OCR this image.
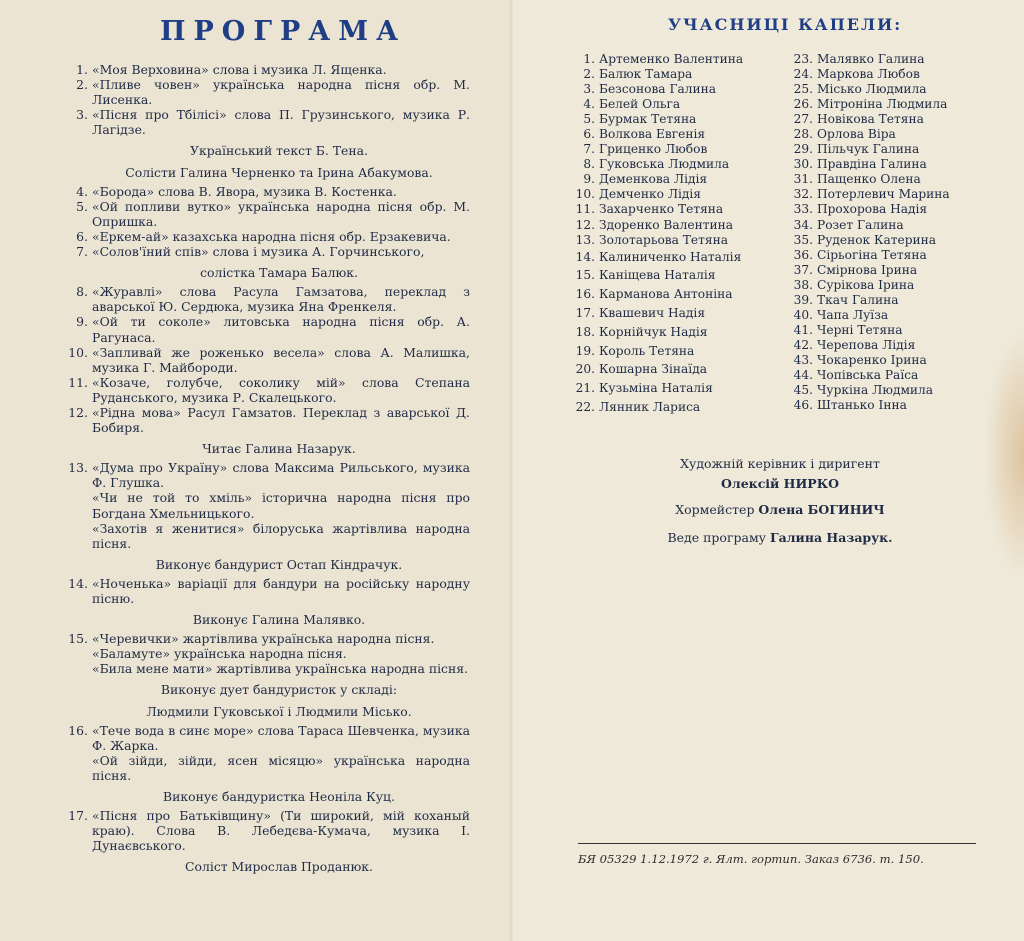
ПРОГРАМА	УЧАСНИЦІ КАПЕЛИ:
1. «Моя Верховина» слова і музика Л. Ященка.
2. «Пливе човен» українська народна пісня обр. М. Лисенка.
3. «Пісня про Тбілісі» слова П. Грузинського, музика Р. Лагідзе.
Український текст Б. Тена.
Солісти Галина Черненко та Ірина Абакумова.
4. «Борода» слова В. Явора, музика В. Костенка.
5. «Ой попливи вутко» українська народна пісня обр. М. Опришка.
6. «Еркем-ай» казахська народна пісня обр. Ерзакевича.
7. «Солов'їний спів» слова і музика А. Горчинського,
солістка Тамара Балюк.
8. «Журавлі» слова Расула Гамзатова, переклад з аварської Ю. Сердюка, музика Яна Френкеля.
9. «Ой ти соколе» литовська народна пісня обр. А. Рагунаса.
10. «Запливай же роженько весела» слова А. Малишка, музика Г. Майбороди.
11. «Козаче, голубче, соколику мій» слова Степана Руданського, музика Р. Скалецького.
12. «Рідна мова» Расул Гамзатов. Переклад з аварської Д. Бобиря.
Читає Галина Назарук.
13. «Дума про Україну» слова Максима Рильського, музика Ф. Глушка.
«Чи не той то хміль» історична народна пісня про Богдана Хмельницького.
«Захотів я женитися» білоруська жартівлива народна пісня.
Виконує бандурист Остап Кіндрачук.
14. «Ноченька» варіації для бандури на російську народну пісню.
Виконує Галина Малявко.
15. «Черевички» жартівлива українська народна пісня.
«Баламуте» українська народна пісня.
«Била мене мати» жартівлива українська народна пісня.
Виконує дует бандуристок у складі:
Людмили Гуковської і Людмили Місько.
16. «Тече вода в синє море» слова Тараса Шевченка, музика Ф. Жарка.
«Ой зійди, зійди, ясен місяцю» українська народна пісня.
Виконує бандуристка Неоніла Куц.
17. «Пісня про Батьківщину» (Ти широкий, мій коханый краю). Слова В. Лебедєва-Кумача, музика І. Дунаєвського.
Соліст Мирослав Проданюк.
1. Артеменко Валентина
2. Балюк Тамара
3. Безсонова Галина
4. Белей Ольга
5. Бурмак Тетяна
6. Волкова Евгенія
7. Гриценко Любов
8. Гуковська Людмила
9. Деменкова Лідія
10. Демченко Лідія
11. Захарченко Тетяна
12. Здоренко Валентина
13. Золотарьова Тетяна
14. Калиниченко Наталія
15. Каніщева Наталія
16. Карманова Антоніна
17. Квашевич Надія
18. Корнійчук Надія
19. Король Тетяна
20. Кошарна Зінаїда
21. Кузьміна Наталія
22. Лянник Лариса
23. Малявко Галина
24. Маркова Любов
25. Місько Людмила
26. Мітроніна Людмила
27. Новікова Тетяна
28. Орлова Віра
29. Пільчук Галина
30. Правдіна Галина
31. Пащенко Олена
32. Потерлевич Марина
33. Прохорова Надія
34. Розет Галина
35. Руденок Катерина
36. Сірьогіна Тетяна
37. Смірнова Ірина
38. Сурікова Ірина
39. Ткач Галина
40. Чапа Луїза
41. Черні Тетяна
42. Черепова Лідія
43. Чокаренко Ірина
44. Чопівська Раїса
45. Чуркіна Людмила
46. Штанько Інна
Художній керівник і диригент
Олексій НИРКО
Хормейстер Олена БОГИНИЧ
Веде програму Галина Назарук.
БЯ 05329 1.12.1972 г. Ялт. гортип. Заказ 6736. т. 150.
